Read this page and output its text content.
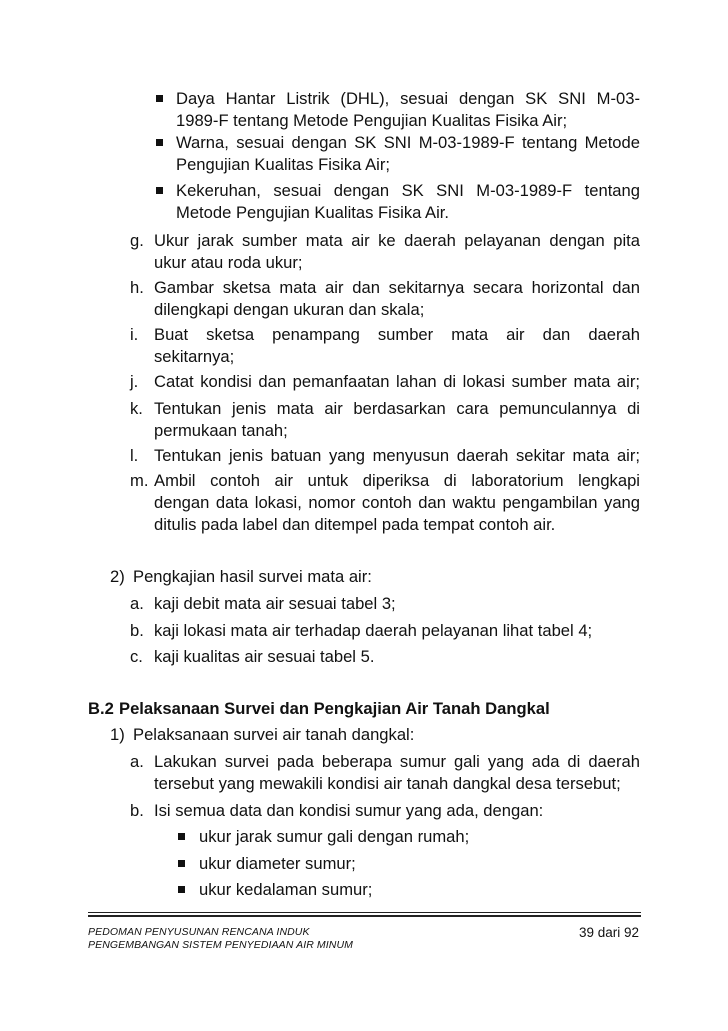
Daya Hantar Listrik (DHL), sesuai dengan SK SNI M-03-
1989-F tentang Metode Pengujian Kualitas Fisika Air;
Warna, sesuai dengan SK SNI M-03-1989-F tentang Metode
Pengujian Kualitas Fisika Air;
Kekeruhan, sesuai dengan SK SNI M-03-1989-F tentang
Metode Pengujian Kualitas Fisika Air.
g. Ukur jarak sumber mata air ke daerah pelayanan dengan pita
ukur atau roda ukur;
h. Gambar sketsa mata air dan sekitarnya secara horizontal dan
dilengkapi dengan ukuran dan skala;
i. Buat sketsa penampang sumber mata air dan daerah
sekitarnya;
j. Catat kondisi dan pemanfaatan lahan di lokasi sumber mata air;
k. Tentukan jenis mata air berdasarkan cara pemunculannya di
permukaan tanah;
l. Tentukan jenis batuan yang menyusun daerah sekitar mata air;
m. Ambil contoh air untuk diperiksa di laboratorium lengkapi
dengan data lokasi, nomor contoh dan waktu pengambilan yang
ditulis pada label dan ditempel pada tempat contoh air.
2) Pengkajian hasil survei mata air:
a. kaji debit mata air sesuai tabel 3;
b. kaji lokasi mata air terhadap daerah pelayanan lihat tabel 4;
c. kaji kualitas air sesuai tabel 5.
B.2 Pelaksanaan Survei dan Pengkajian Air Tanah Dangkal
1) Pelaksanaan survei air tanah dangkal:
a. Lakukan survei pada beberapa sumur gali yang ada di daerah
tersebut yang mewakili kondisi air tanah dangkal desa tersebut;
b. Isi semua data dan kondisi sumur yang ada, dengan:
ukur jarak sumur gali dengan rumah;
ukur diameter sumur;
ukur kedalaman sumur;
PEDOMAN PENYUSUNAN RENCANA INDUK
PENGEMBANGAN SISTEM PENYEDIAAN AIR MINUM
39 dari 92
